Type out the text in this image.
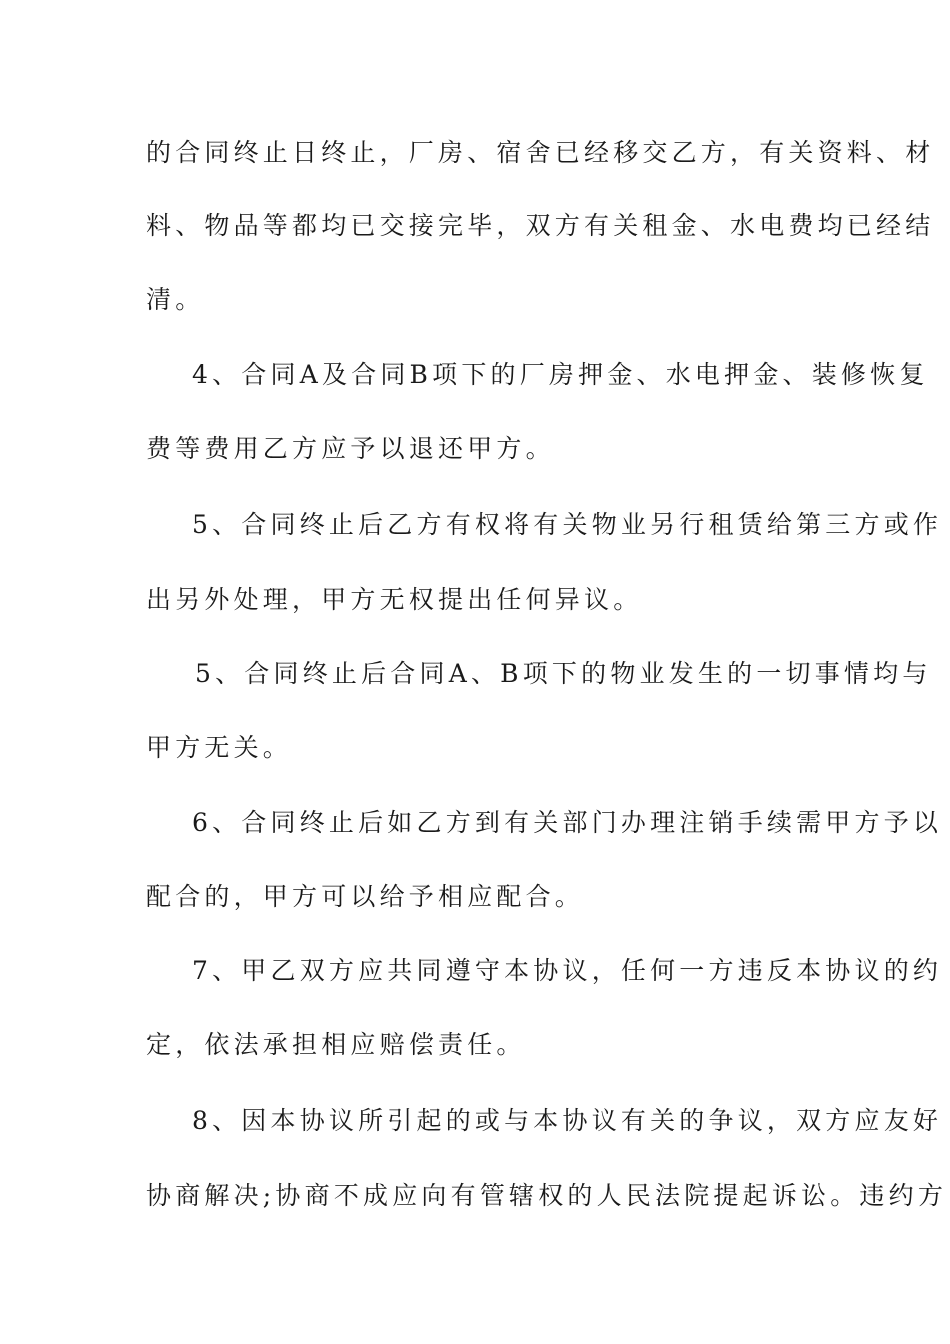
的合同终止日终止，厂房、宿舍已经移交乙方，有关资料、材
料、物品等都均已交接完毕，双方有关租金、水电费均已经结
清。
4、合同A及合同B项下的厂房押金、水电押金、装修恢复
费等费用乙方应予以退还甲方。
5、合同终止后乙方有权将有关物业另行租赁给第三方或作
出另外处理，甲方无权提出任何异议。
5、合同终止后合同A、B项下的物业发生的一切事情均与
甲方无关。
6、合同终止后如乙方到有关部门办理注销手续需甲方予以
配合的，甲方可以给予相应配合。
7、甲乙双方应共同遵守本协议，任何一方违反本协议的约
定，依法承担相应赔偿责任。
8、因本协议所引起的或与本协议有关的争议，双方应友好
协商解决;协商不成应向有管辖权的人民法院提起诉讼。违约方
